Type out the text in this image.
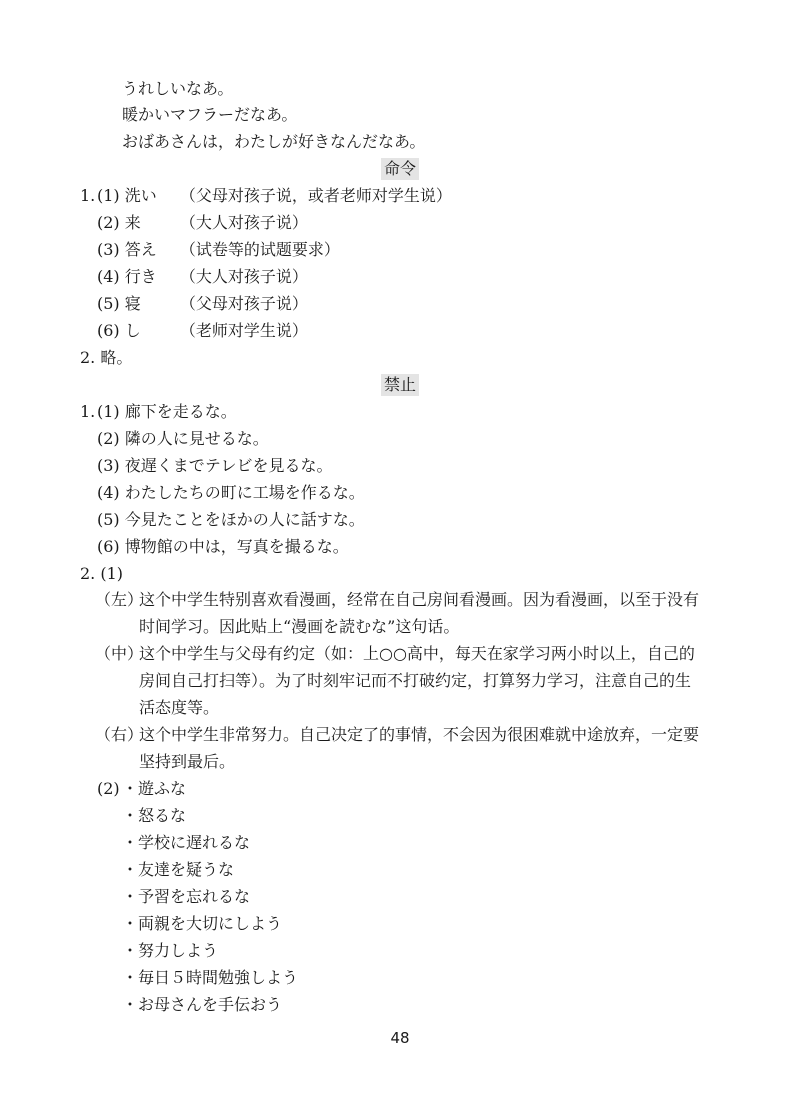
うれしいなあ。
暖かいマフラーだなあ。
おばあさんは，わたしが好きなんだなあ。
命令
1. (1) 洗い （父母对孩子说，或者老师对学生说）
(2) 来 （大人对孩子说）
(3) 答え （试卷等的试题要求）
(4) 行き （大人对孩子说）
(5) 寝 （父母对孩子说）
(6) し （老师对学生说）
2. 略。
禁止
1. (1) 廊下を走るな。
(2) 隣の人に見せるな。
(3) 夜遅くまでテレビを見るな。
(4) わたしたちの町に工場を作るな。
(5) 今見たことをほかの人に話すな。
(6) 博物館の中は，写真を撮るな。
2. (1)
（左）
这个中学生特别喜欢看漫画，经常在自己房间看漫画。因为看漫画，以至于没有
时间学习。因此贴上“漫画を読むな”这句话。
（中）
这个中学生与父母有约定（如：上○○高中，每天在家学习两小时以上，自己的
房间自己打扫等）。为了时刻牢记而不打破约定，打算努力学习，注意自己的生
活态度等。
（右）
这个中学生非常努力。自己决定了的事情，不会因为很困难就中途放弃，一定要
坚持到最后。
(2) ・遊ふな
・怒るな
・学校に遅れるな
・友達を疑うな
・予習を忘れるな
・両親を大切にしよう
・努力しよう
・毎日５時間勉強しよう
・お母さんを手伝おう
48
